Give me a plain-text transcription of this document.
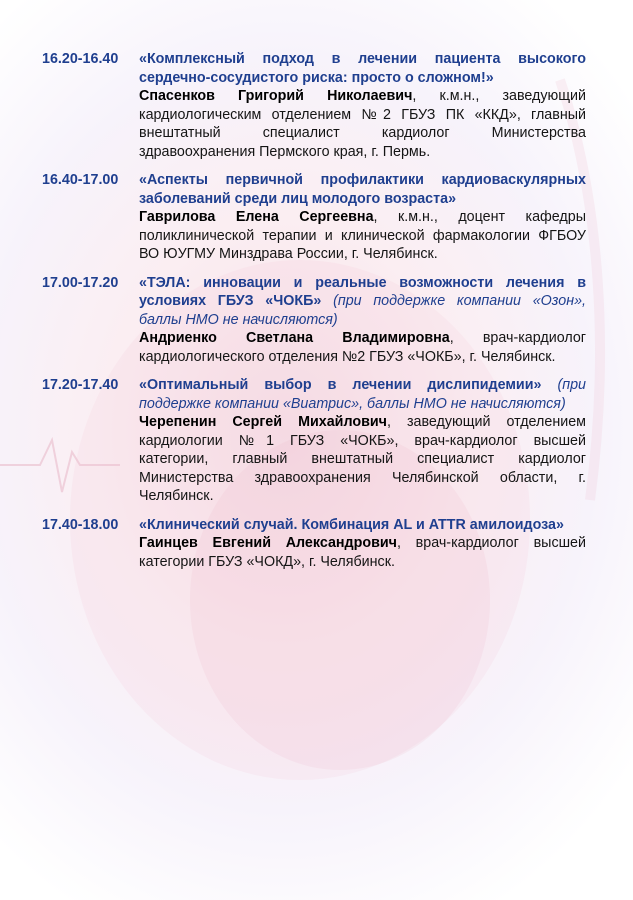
16.20-16.40	«Комплексный подход в лечении пациента высокого сердечно-сосудистого риска: просто о сложном!»

Спасенков Григорий Николаевич, к.м.н., заведующий кардиологическим отделением №2 ГБУЗ ПК «ККД», главный внештатный специалист кардиолог Министерства здравоохранения Пермского края, г. Пермь.

16.40-17.00	«Аспекты первичной профилактики кардиоваскулярных заболеваний среди лиц молодого возраста»

Гаврилова Елена Сергеевна, к.м.н., доцент кафедры поликлинической терапии и клинической фармакологии ФГБОУ ВО ЮУГМУ Минздрава России, г. Челябинск.

17.00-17.20	«ТЭЛА: инновации и реальные возможности лечения в условиях ГБУЗ «ЧОКБ» (при поддержке компании «Озон», баллы НМО не начисляются)

Андриенко Светлана Владимировна, врач-кардиолог кардиологического отделения №2 ГБУЗ «ЧОКБ», г. Челябинск.

17.20-17.40	«Оптимальный выбор в лечении дислипидемии» (при поддержке компании «Виатрис», баллы НМО не начисляются)

Черепенин Сергей Михайлович, заведующий отделением кардиологии №1 ГБУЗ «ЧОКБ», врач-кардиолог высшей категории, главный внештатный специалист кардиолог Министерства здравоохранения Челябинской области, г. Челябинск.

17.40-18.00	«Клинический случай. Комбинация AL и ATTR амилоидоза»

Гаинцев Евгений Александрович, врач-кардиолог высшей категории ГБУЗ «ЧОКД», г. Челябинск.
